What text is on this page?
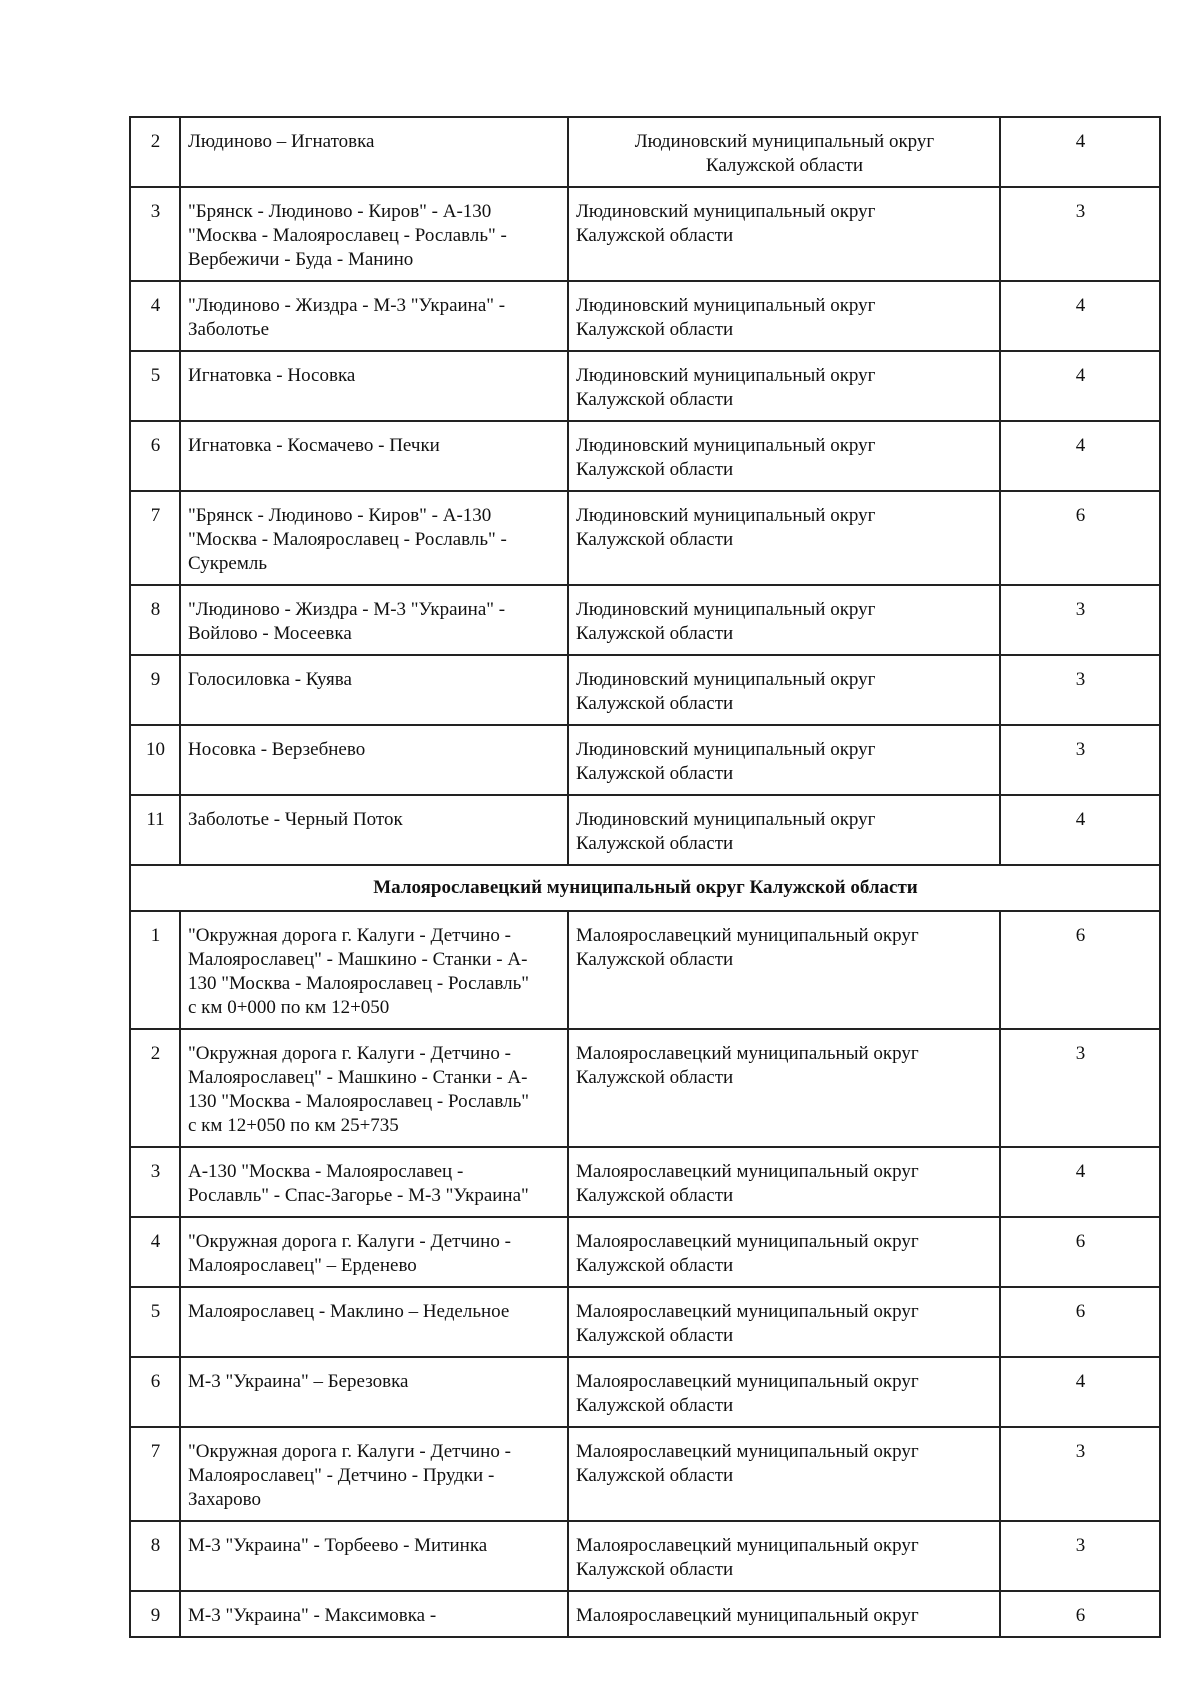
2	Людиново – Игнатовка	Людиновский муниципальный округ
Калужской области	4
3	"Брянск - Людиново - Киров" - А-130
"Москва - Малоярославец - Рославль" -
Вербежичи - Буда - Манино	Людиновский муниципальный округ
Калужской области	3
4	"Людиново - Жиздра - М-3 "Украина" -
Заболотье	Людиновский муниципальный округ
Калужской области	4
5	Игнатовка - Носовка	Людиновский муниципальный округ
Калужской области	4
6	Игнатовка - Космачево - Печки	Людиновский муниципальный округ
Калужской области	4
7	"Брянск - Людиново - Киров" - А-130
"Москва - Малоярославец - Рославль" -
Сукремль	Людиновский муниципальный округ
Калужской области	6
8	"Людиново - Жиздра - М-3 "Украина" -
Войлово - Мосеевка	Людиновский муниципальный округ
Калужской области	3
9	Голосиловка - Куява	Людиновский муниципальный округ
Калужской области	3
10	Носовка - Верзебнево	Людиновский муниципальный округ
Калужской области	3
11	Заболотье - Черный Поток	Людиновский муниципальный округ
Калужской области	4
Малоярославецкий муниципальный округ Калужской области			
1	"Окружная дорога г. Калуги - Детчино -
Малоярославец" - Машкино - Станки - А-
130 "Москва - Малоярославец - Рославль"
с км 0+000 по км 12+050	Малоярославецкий муниципальный округ
Калужской области	6
2	"Окружная дорога г. Калуги - Детчино -
Малоярославец" - Машкино - Станки - А-
130 "Москва - Малоярославец - Рославль"
с км 12+050 по км 25+735	Малоярославецкий муниципальный округ
Калужской области	3
3	А-130 "Москва - Малоярославец -
Рославль" - Спас-Загорье - М-3 "Украина"	Малоярославецкий муниципальный округ
Калужской области	4
4	"Окружная дорога г. Калуги - Детчино -
Малоярославец" – Ерденево	Малоярославецкий муниципальный округ
Калужской области	6
5	Малоярославец - Маклино – Недельное	Малоярославецкий муниципальный округ
Калужской области	6
6	М-3 "Украина" – Березовка	Малоярославецкий муниципальный округ
Калужской области	4
7	"Окружная дорога г. Калуги - Детчино -
Малоярославец" - Детчино - Прудки -
Захарово	Малоярославецкий муниципальный округ
Калужской области	3
8	М-3 "Украина" - Торбеево - Митинка	Малоярославецкий муниципальный округ
Калужской области	3
9	М-3 "Украина" - Максимовка -	Малоярославецкий муниципальный округ	6
